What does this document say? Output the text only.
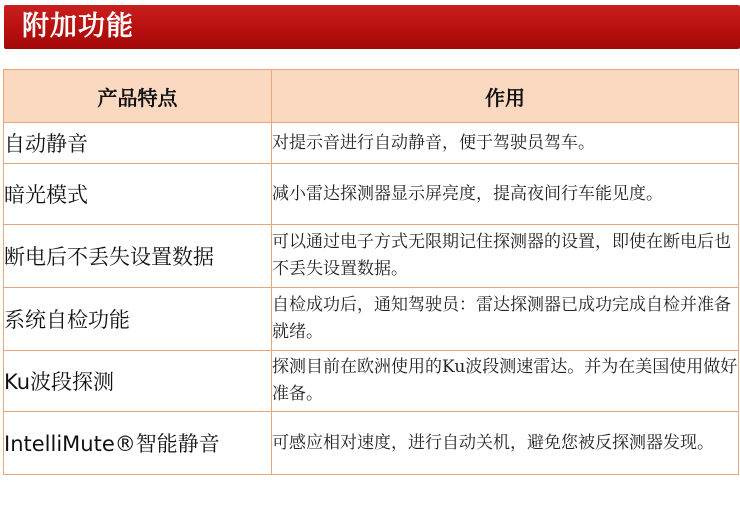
附加功能
产品特点	作用
自动静音	对提示音进行自动静音，便于驾驶员驾车。
暗光模式	减小雷达探测器显示屏亮度，提高夜间行车能见度。
断电后不丢失设置数据	可以通过电子方式无限期记住探测器的设置，即使在断电后也不丢失设置数据。
系统自检功能	自检成功后，通知驾驶员：雷达探测器已成功完成自检并准备就绪。
Ku波段探测	探测目前在欧洲使用的Ku波段测速雷达。并为在美国使用做好准备。
IntelliMute®智能静音	可感应相对速度，进行自动关机，避免您被反探测器发现。
